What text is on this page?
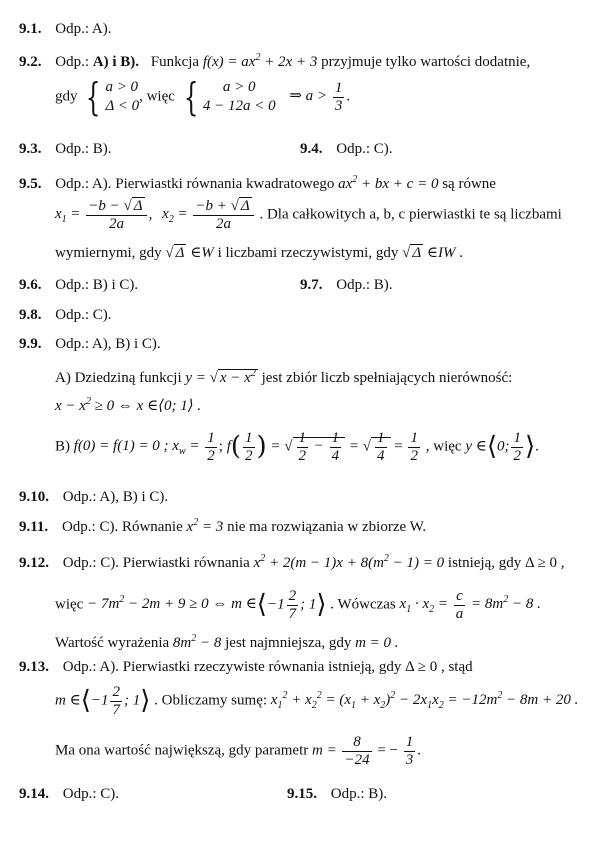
9.1. Odp.: A).
9.2. Odp.: A) i B). Funkcja $f(x) = ax^2 + 2x + 3$ przyjmuje tylko wartości dodatnie,
gdy { a > 0
Δ < 0, więc { a > 0
4 − 12a < 0 ⇒ $a > \frac{1}{3}$ .
9.3. Odp.: B).	9.4. Odp.: C).
9.5. Odp.: A). Pierwiastki równania kwadratowego $ax^2$ + bx + c = 0 są równe
$x_1 = \frac{-b - √ \Delta}{2a}$ , $x_2 = \frac{-b + √ \Delta}{2a}$ . Dla całkowitych a, b, c pierwiastki te są liczbami
wymiernymi, gdy √ Δ ∈W i liczbami rzeczywistymi, gdy √ Δ ∈IW .
9.6. Odp.: B) i C).	9.7. Odp.: B).
9.8. Odp.: C).
9.9. Odp.: A), B) i C).
A) Dziedziną funkcji y = √ $x - x^2$ jest zbiór liczb spełniających nierówność:
$x - x^2 \ge 0$ ⇔ x ∈⟨0; 1⟩ .
B) f(0) = f(1) = 0 ; $x_w = \frac{1}{2}$ ; $f( \frac{1}{2}$ ) = √ $\frac{1}{2} - \frac{1}{4}$ = √ $\frac{1}{4} = \frac{1}{2}$ , więc y ∈⟨0; $\frac{1}{2}$ ⟩.
9.10. Odp.: A), B) i C).
9.11. Odp.: C). Równanie $x^2 = 3$ nie ma rozwiązania w zbiorze W.
9.12. Odp.: C). Pierwiastki równania $x^2 + 2(m - 1)x + 8(m^2 - 1) = 0$ istnieją, gdy Δ ≥ 0 ,
więc − $7m^2 - 2m + 9 \ge 0$ ⇔ m ∈⟨−1 $\frac{2}{7}$ ; 1⟩ . Wówczas $x_1 \cdot x_2 = \frac{c}{a} = 8m^2 - 8$ .
Wartość wyrażenia $8m^2 - 8$ jest najmniejsza, gdy m = 0 .
9.13. Odp.: A). Pierwiastki rzeczywiste równania istnieją, gdy Δ ≥ 0 , stąd
m ∈⟨−1 $\frac{2}{7}$ ; 1⟩ . Obliczamy sumę: $x_1^2 + x_2^2 = (x_1 + x_2)^2 - 2x_1x_2 = -12m^2 - 8m + 20$ .
Ma ona wartość największą, gdy parametr $m = \frac{8}{-24}$ = − $\frac{1}{3}$ .
9.14. Odp.: C).	9.15. Odp.: B).
